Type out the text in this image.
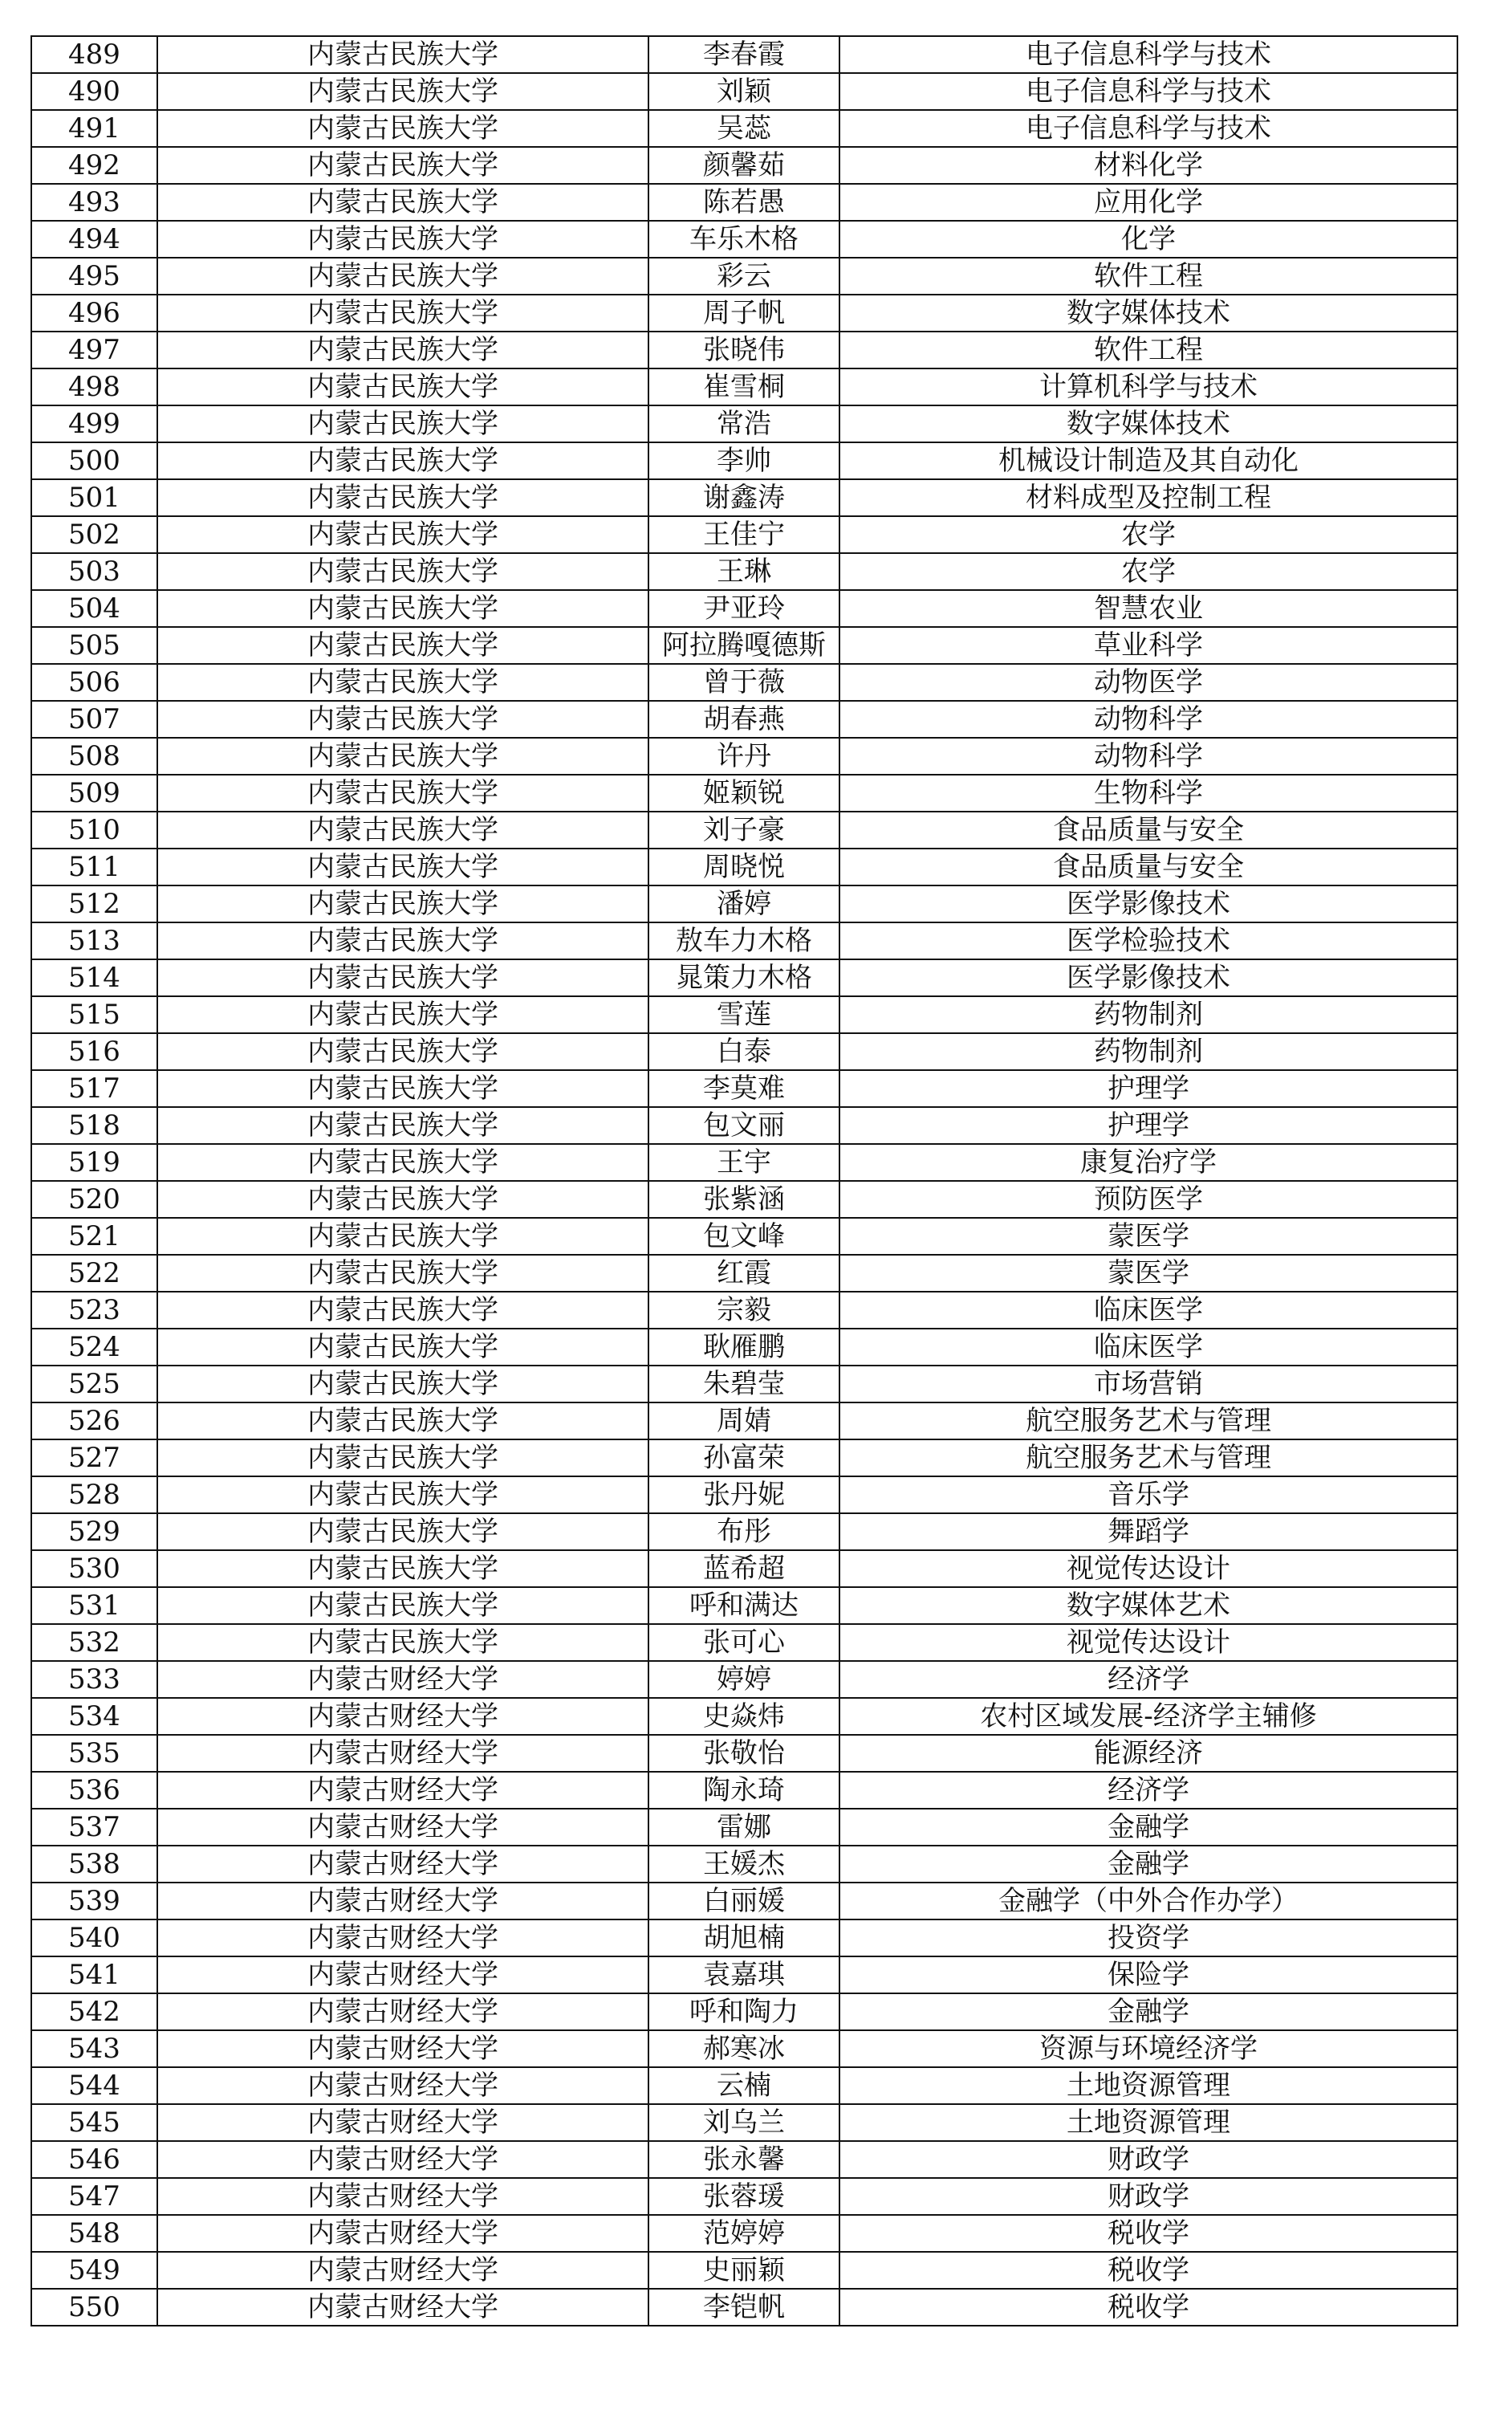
489	内蒙古民族大学	李春霞	电子信息科学与技术
490	内蒙古民族大学	刘颖	电子信息科学与技术
491	内蒙古民族大学	吴蕊	电子信息科学与技术
492	内蒙古民族大学	颜馨茹	材料化学
493	内蒙古民族大学	陈若愚	应用化学
494	内蒙古民族大学	车乐木格	化学
495	内蒙古民族大学	彩云	软件工程
496	内蒙古民族大学	周子帆	数字媒体技术
497	内蒙古民族大学	张晓伟	软件工程
498	内蒙古民族大学	崔雪桐	计算机科学与技术
499	内蒙古民族大学	常浩	数字媒体技术
500	内蒙古民族大学	李帅	机械设计制造及其自动化
501	内蒙古民族大学	谢鑫涛	材料成型及控制工程
502	内蒙古民族大学	王佳宁	农学
503	内蒙古民族大学	王琳	农学
504	内蒙古民族大学	尹亚玲	智慧农业
505	内蒙古民族大学	阿拉腾嘎德斯	草业科学
506	内蒙古民族大学	曾于薇	动物医学
507	内蒙古民族大学	胡春燕	动物科学
508	内蒙古民族大学	许丹	动物科学
509	内蒙古民族大学	姬颖锐	生物科学
510	内蒙古民族大学	刘子豪	食品质量与安全
511	内蒙古民族大学	周晓悦	食品质量与安全
512	内蒙古民族大学	潘婷	医学影像技术
513	内蒙古民族大学	敖车力木格	医学检验技术
514	内蒙古民族大学	晁策力木格	医学影像技术
515	内蒙古民族大学	雪莲	药物制剂
516	内蒙古民族大学	白泰	药物制剂
517	内蒙古民族大学	李莫难	护理学
518	内蒙古民族大学	包文丽	护理学
519	内蒙古民族大学	王宇	康复治疗学
520	内蒙古民族大学	张紫涵	预防医学
521	内蒙古民族大学	包文峰	蒙医学
522	内蒙古民族大学	红霞	蒙医学
523	内蒙古民族大学	宗毅	临床医学
524	内蒙古民族大学	耿雁鹏	临床医学
525	内蒙古民族大学	朱碧莹	市场营销
526	内蒙古民族大学	周婧	航空服务艺术与管理
527	内蒙古民族大学	孙富荣	航空服务艺术与管理
528	内蒙古民族大学	张丹妮	音乐学
529	内蒙古民族大学	布彤	舞蹈学
530	内蒙古民族大学	蓝希超	视觉传达设计
531	内蒙古民族大学	呼和满达	数字媒体艺术
532	内蒙古民族大学	张可心	视觉传达设计
533	内蒙古财经大学	婷婷	经济学
534	内蒙古财经大学	史焱炜	农村区域发展-经济学主辅修
535	内蒙古财经大学	张敬怡	能源经济
536	内蒙古财经大学	陶永琦	经济学
537	内蒙古财经大学	雷娜	金融学
538	内蒙古财经大学	王媛杰	金融学
539	内蒙古财经大学	白丽媛	金融学（中外合作办学）
540	内蒙古财经大学	胡旭楠	投资学
541	内蒙古财经大学	袁嘉琪	保险学
542	内蒙古财经大学	呼和陶力	金融学
543	内蒙古财经大学	郝寒冰	资源与环境经济学
544	内蒙古财经大学	云楠	土地资源管理
545	内蒙古财经大学	刘乌兰	土地资源管理
546	内蒙古财经大学	张永馨	财政学
547	内蒙古财经大学	张蓉瑗	财政学
548	内蒙古财经大学	范婷婷	税收学
549	内蒙古财经大学	史丽颖	税收学
550	内蒙古财经大学	李铠帆	税收学
